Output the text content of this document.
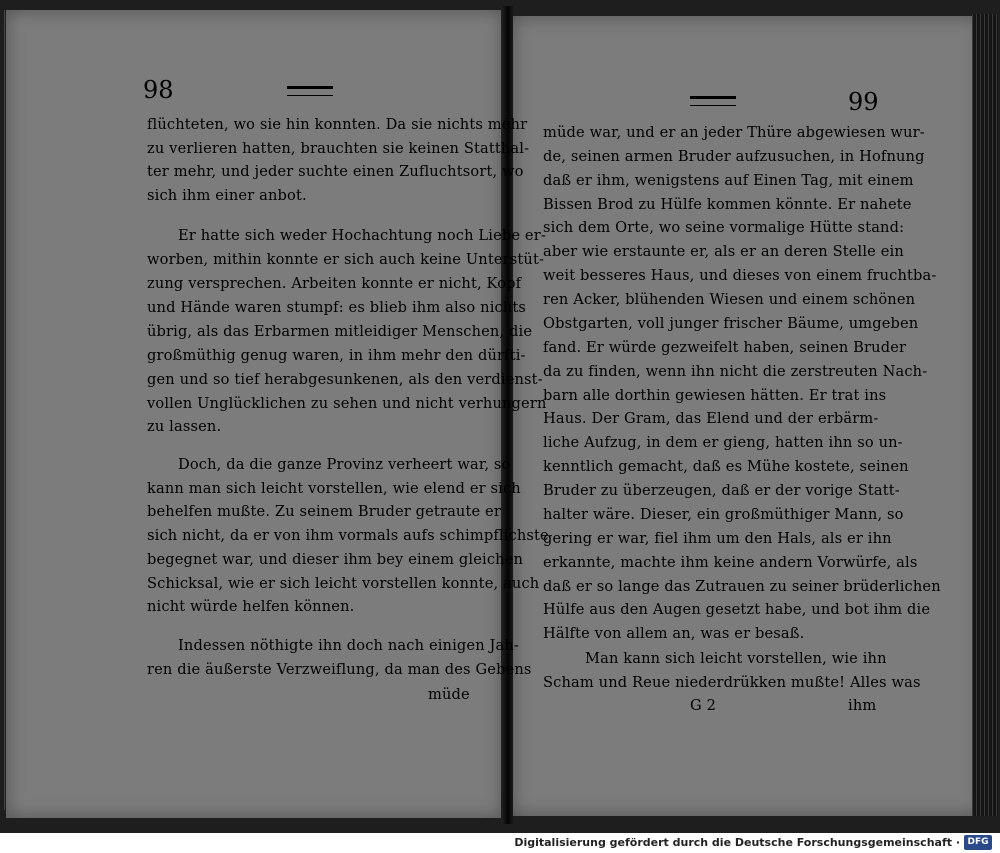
98
flüchteten, wo sie hin konnten. Da sie nichts mehr
zu verlieren hatten, brauchten sie keinen Statthal-
ter mehr, und jeder suchte einen Zufluchtsort, wo
sich ihm einer anbot.
Er hatte sich weder Hochachtung noch Liebe er-
worben, mithin konnte er sich auch keine Unterstüt-
zung versprechen. Arbeiten konnte er nicht, Kopf
und Hände waren stumpf: es blieb ihm also nichts
übrig, als das Erbarmen mitleidiger Menschen, die
großmüthig genug waren, in ihm mehr den dürfti-
gen und so tief herabgesunkenen, als den verdienst-
vollen Unglücklichen zu sehen und nicht verhungern
zu lassen.
Doch, da die ganze Provinz verheert war, so
kann man sich leicht vorstellen, wie elend er sich
behelfen mußte. Zu seinem Bruder getraute er
sich nicht, da er von ihm vormals aufs schimpflichste
begegnet war, und dieser ihm bey einem gleichen
Schicksal, wie er sich leicht vorstellen konnte, auch
nicht würde helfen können.
Indessen nöthigte ihn doch nach einigen Jah-
ren die äußerste Verzweiflung, da man des Gebens
müde
99
müde war, und er an jeder Thüre abgewiesen wur-
de, seinen armen Bruder aufzusuchen, in Hofnung
daß er ihm, wenigstens auf Einen Tag, mit einem
Bissen Brod zu Hülfe kommen könnte. Er nahete
sich dem Orte, wo seine vormalige Hütte stand:
aber wie erstaunte er, als er an deren Stelle ein
weit besseres Haus, und dieses von einem fruchtba-
ren Acker, blühenden Wiesen und einem schönen
Obstgarten, voll junger frischer Bäume, umgeben
fand. Er würde gezweifelt haben, seinen Bruder
da zu finden, wenn ihn nicht die zerstreuten Nach-
barn alle dorthin gewiesen hätten. Er trat ins
Haus. Der Gram, das Elend und der erbärm-
liche Aufzug, in dem er gieng, hatten ihn so un-
kenntlich gemacht, daß es Mühe kostete, seinen
Bruder zu überzeugen, daß er der vorige Statt-
halter wäre. Dieser, ein großmüthiger Mann, so
gering er war, fiel ihm um den Hals, als er ihn
erkannte, machte ihm keine andern Vorwürfe, als
daß er so lange das Zutrauen zu seiner brüderlichen
Hülfe aus den Augen gesetzt habe, und bot ihm die
Hälfte von allem an, was er besaß.
Man kann sich leicht vorstellen, wie ihn
Scham und Reue niederdrükken mußte! Alles was
G 2	ihm
Digitalisierung gefördert durch die Deutsche Forschungsgemeinschaft · DFG
